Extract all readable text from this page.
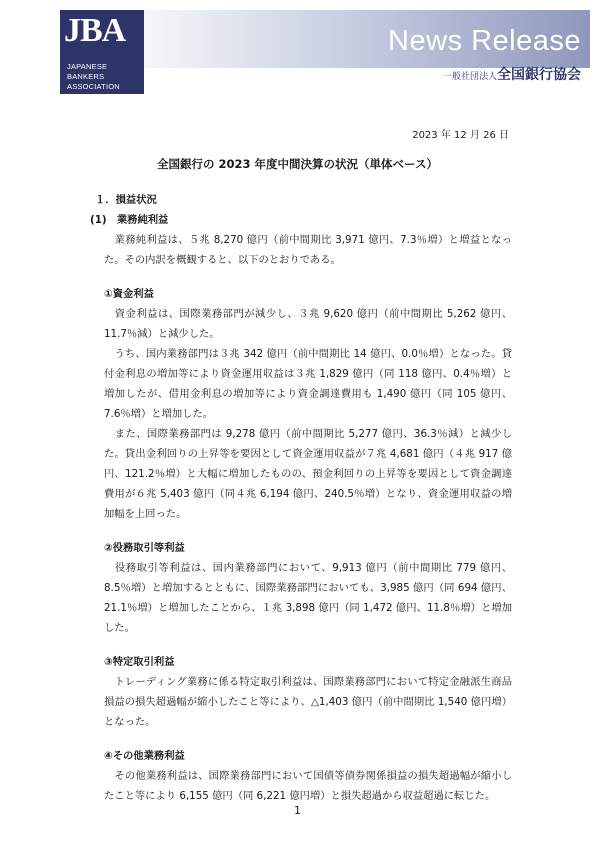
JBA
JAPANESE
BANKERS
ASSOCIATION
News Release
一般社団法人全国銀行協会
2023 年 12 月 26 日
全国銀行の 2023 年度中間決算の状況（単体ベース）
１．損益状況
(1)　業務純利益
　業務純利益は、５兆 8,270 億円（前中間期比 3,971 億円、7.3％増）と増益となった。その内訳を概観すると、以下のとおりである。
①資金利益
　資金利益は、国際業務部門が減少し、３兆 9,620 億円（前中間期比 5,262 億円、11.7％減）と減少した。
　うち、国内業務部門は３兆 342 億円（前中間期比 14 億円、0.0％増）となった。貸付金利息の増加等により資金運用収益は３兆 1,829 億円（同 118 億円、0.4％増）と増加したが、借用金利息の増加等により資金調達費用も 1,490 億円（同 105 億円、7.6％増）と増加した。
　また、国際業務部門は 9,278 億円（前中間期比 5,277 億円、36.3％減）と減少した。貸出金利回りの上昇等を要因として資金運用収益が７兆 4,681 億円（４兆 917 億円、121.2％増）と大幅に増加したものの、預金利回りの上昇等を要因として資金調達費用が６兆 5,403 億円（同４兆 6,194 億円、240.5％増）となり、資金運用収益の増加幅を上回った。
②役務取引等利益
　役務取引等利益は、国内業務部門において、9,913 億円（前中間期比 779 億円、8.5％増）と増加するとともに、国際業務部門においても、3,985 億円（同 694 億円、21.1％増）と増加したことから、１兆 3,898 億円（同 1,472 億円、11.8％増）と増加した。
③特定取引利益
　トレーディング業務に係る特定取引利益は、国際業務部門において特定金融派生商品損益の損失超過幅が縮小したこと等により、△1,403 億円（前中間期比 1,540 億円増）となった。
④その他業務利益
　その他業務利益は、国際業務部門において国債等債券関係損益の損失超過幅が縮小したこと等により 6,155 億円（同 6,221 億円増）と損失超過から収益超過に転じた。
1
